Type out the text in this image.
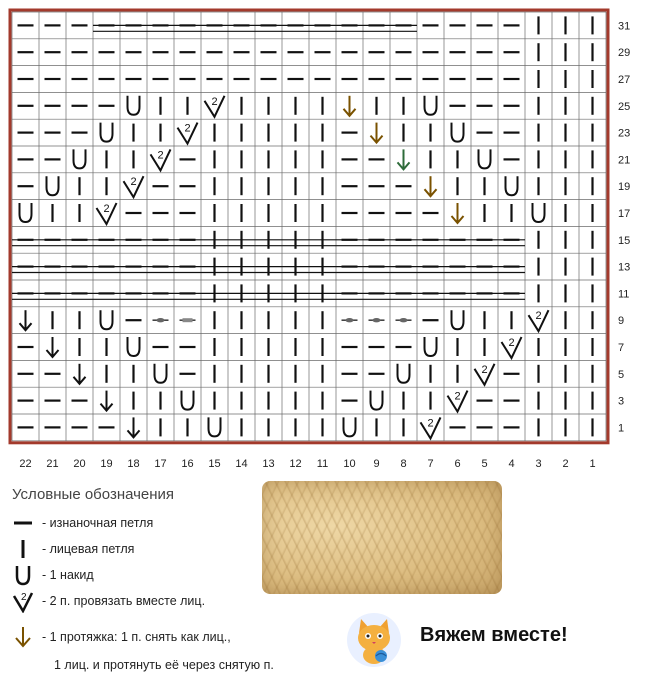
2
2
2
2
2
2
2
2
2
2
31
29
27
25
23
21
19
17
15
13
11
9
7
5
3
1
22 21 20 19 18 17 16 15 14 13 12 11 10 9 8 7 6 5 4 3 2 1
Условные обозначения
- изнаночная петля
- лицевая петля
- 1 накид
2 - 2 п. провязать вместе лиц.
- 1 протяжка: 1 п. снять как лиц.,
1 лиц. и протянуть её через снятую п.
Вяжем вместе!
